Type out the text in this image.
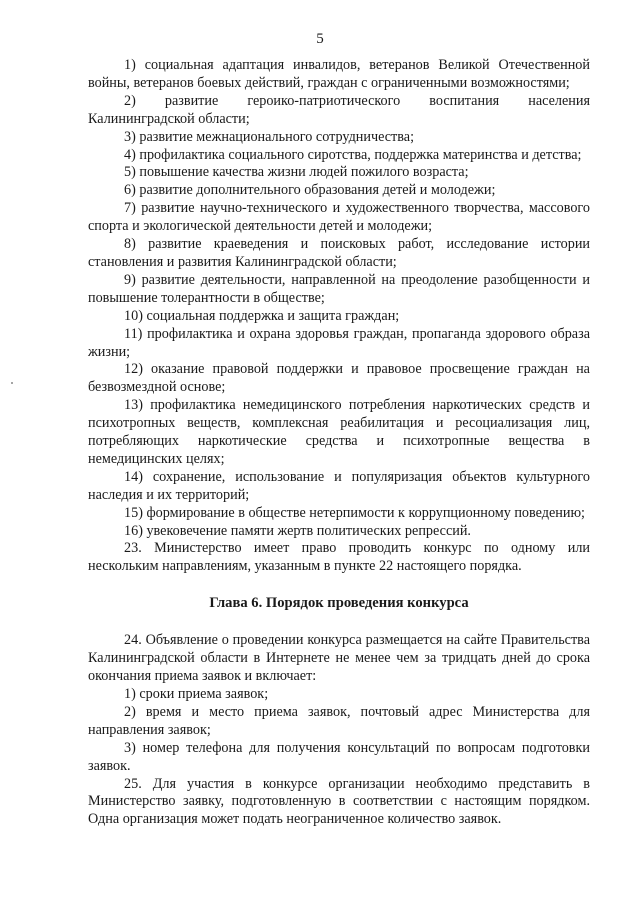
5

1) социальная адаптация инвалидов, ветеранов Великой Отечественной войны, ветеранов боевых действий, граждан с ограниченными возможностями;

2) развитие героико-патриотического воспитания населения Калининградской области;

3) развитие межнационального сотрудничества;

4) профилактика социального сиротства, поддержка материнства и детства;

5) повышение качества жизни людей пожилого возраста;

6) развитие дополнительного образования детей и молодежи;

7) развитие научно-технического и художественного творчества, массового спорта и экологической деятельности детей и молодежи;

8) развитие краеведения и поисковых работ, исследование истории становления и развития Калининградской области;

9) развитие деятельности, направленной на преодоление разобщенности и повышение толерантности в обществе;

10) социальная поддержка и защита граждан;

11) профилактика и охрана здоровья граждан, пропаганда здорового образа жизни;

12) оказание правовой поддержки и правовое просвещение граждан на безвозмездной основе;

13) профилактика немедицинского потребления наркотических средств и психотропных веществ, комплексная реабилитация и ресоциализация лиц, потребляющих наркотические средства и психотропные вещества в немедицинских целях;

14) сохранение, использование и популяризация объектов культурного наследия и их территорий;

15) формирование в обществе нетерпимости к коррупционному поведению;

16) увековечение памяти жертв политических репрессий.

23. Министерство имеет право проводить конкурс по одному или нескольким направлениям, указанным в пункте 22 настоящего порядка.

Глава 6. Порядок проведения конкурса

24. Объявление о проведении конкурса размещается на сайте Правительства Калининградской области в Интернете не менее чем за тридцать дней до срока окончания приема заявок и включает:

1) сроки приема заявок;

2) время и место приема заявок, почтовый адрес Министерства для направления заявок;

3) номер телефона для получения консультаций по вопросам подготовки заявок.

25. Для участия в конкурсе организации необходимо представить в Министерство заявку, подготовленную в соответствии с настоящим порядком. Одна организация может подать неограниченное количество заявок.
